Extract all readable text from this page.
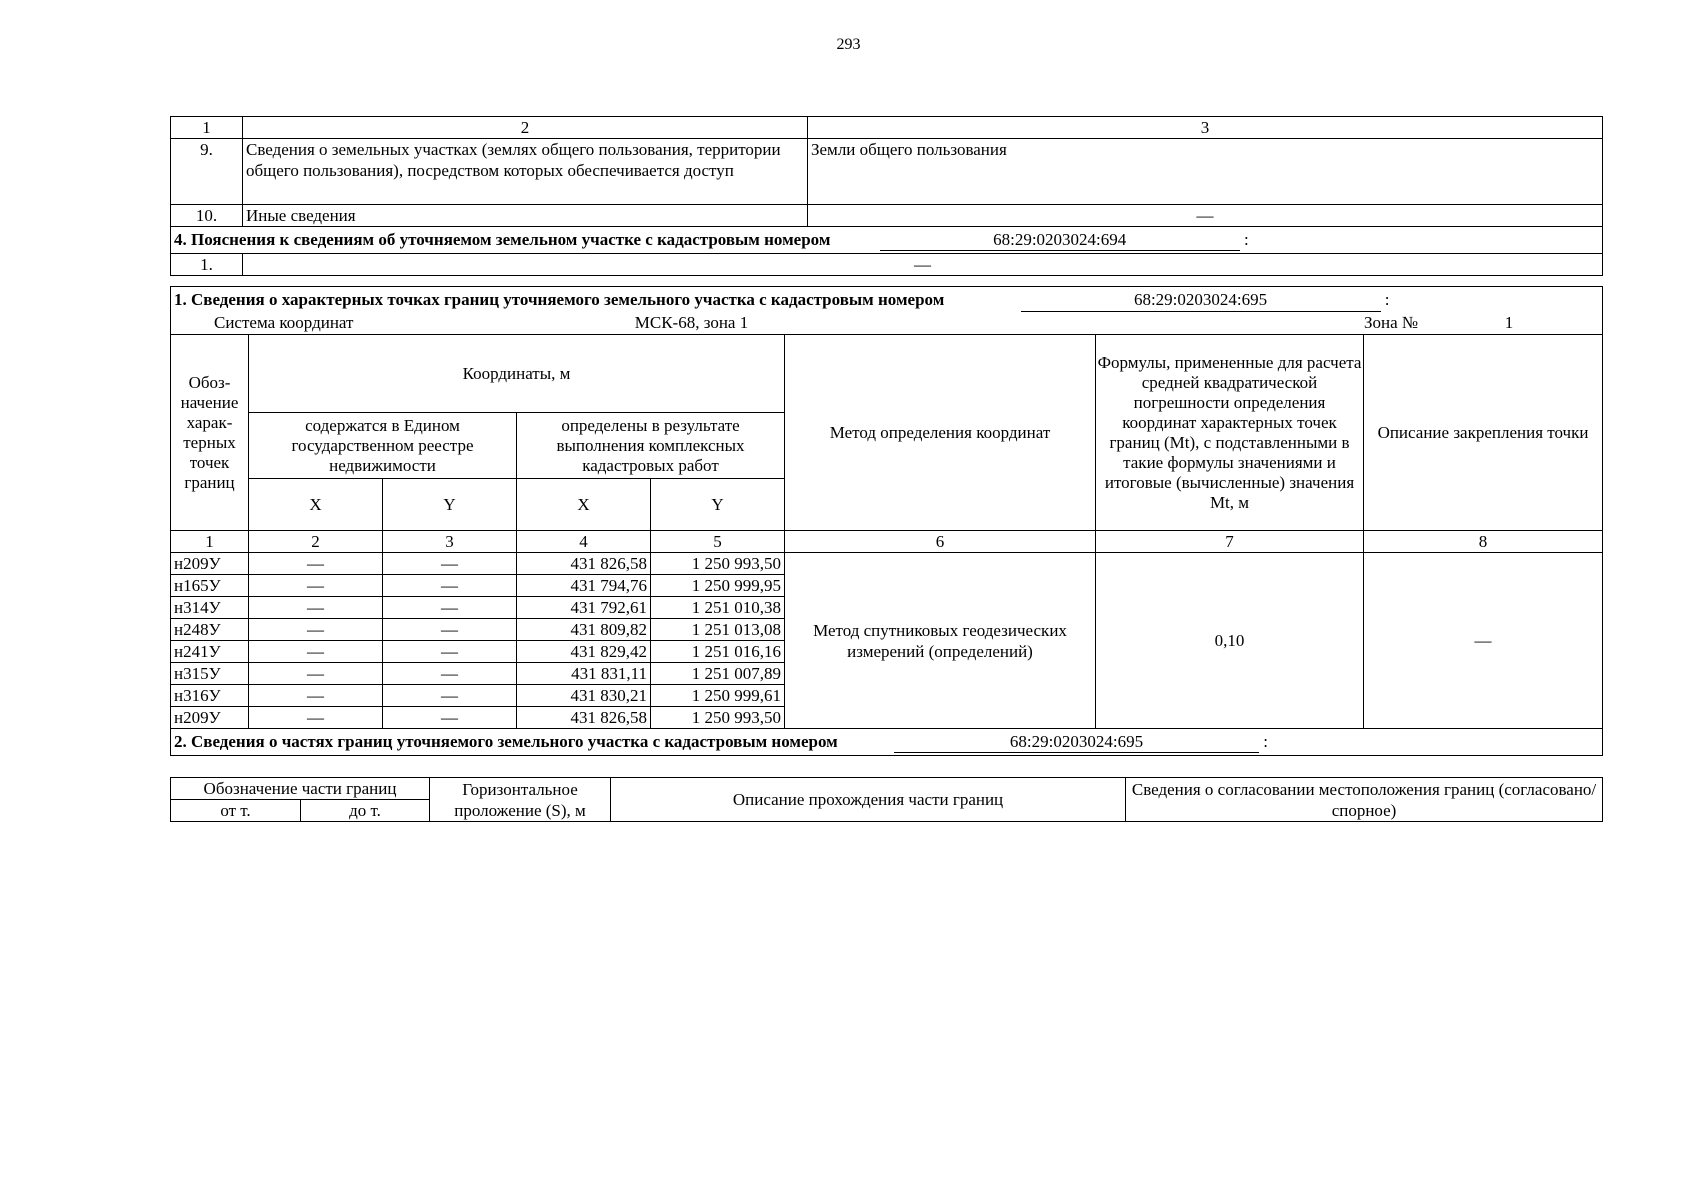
293
1	2	3
9.	Сведения о земельных участках (землях общего пользования, территории общего пользования), посредством которых обеспечивается доступ	Земли общего пользования
10.	Иные сведения	—
4. Пояснения к сведениям об уточняемом земельном участке с кадастровым номером 68:29:0203024:694 :		
1.	—	
1. Сведения о характерных точках границ уточняемого земельного участка с кадастровым номером 68:29:0203024:695 :
Система координат МСК-68, зона 1 Зона № 1							

Обоз-начение харак-терных точек границ	Координаты, м				Метод определения координат	Формулы, примененные для расчета средней квадратической погрешности определения координат характерных точек границ (Mt), с подставленными в такие формулы значениями и итоговые (вычисленные) значения Mt, м	Описание закрепления точки
	содержатся в Едином государственном реестре недвижимости		определены в результате выполнения комплексных кадастровых работ				
	X	Y	X	Y			
1	2	3	4	5	6	7	8
н209У	—	—	431 826,58	1 250 993,50	Метод спутниковых геодезических измерений (определений)	0,10	—
н165У	—	—	431 794,76	1 250 999,95			
н314У	—	—	431 792,61	1 251 010,38			
н248У	—	—	431 809,82	1 251 013,08			
н241У	—	—	431 829,42	1 251 016,16			
н315У	—	—	431 831,11	1 251 007,89			
н316У	—	—	431 830,21	1 250 999,61			
н209У	—	—	431 826,58	1 250 993,50			
2. Сведения о частях границ уточняемого земельного участка с кадастровым номером 68:29:0203024:695 :							
Обозначение части границ		Горизонтальное проложение (S), м	Описание прохождения части границ	Сведения о согласовании местоположения границ (согласовано/спорное)
от т.	до т.			
